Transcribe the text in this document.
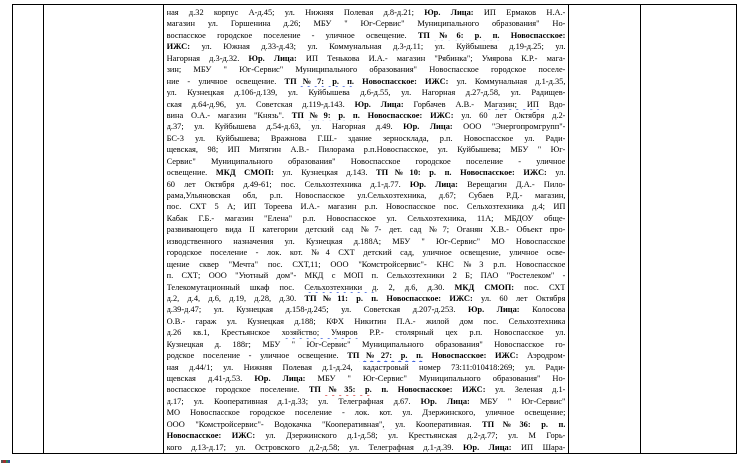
ная д.32 корпус А-д.45; ул. Нижняя Полевая д.8-д.21; Юр. Лица: ИП Ермаков Н.А.-
магазин ул. Горшенина д.26; МБУ " Юг-Сервис" Муниципального образования" Но-
воспасское городское поселение - уличное освещение. ТП№6: р. п. Новоспасское:
ИЖС: ул. Южная д.33-д.43; ул. Коммунальная д.3-д.11; ул. Куйбышева д.19-д.25; ул.
Нагорная д.3-д.32. Юр. Лица: ИП Тенькова И.А.- магазин "Рябинка"; Умярова К.Р.- мага-
зин; МБУ " Юг-Сервис" Муниципального образования" Новоспасское городское поселе-
ние - уличное освещение. ТП№7: р. п. Новоспасское: ИЖС: ул. Коммунальная д.1-д.35,
ул. Кузнецкая д.106-д.139, ул. Куйбышева д.6-д.55, ул. Нагорная д.27-д.58, ул. Радищев-
ская д.64-д.96, ул. Советская д.119-д.143. Юр. Лица: Горбачев А.В.- Магазин; ИП Вдо-
вина О.А.- магазин "Князь". ТП№9: р. п. Новоспасское: ИЖС: ул. 60 лет Октября д.2-
д.37; ул. Куйбышева д.54-д.63, ул. Нагорная д.49. Юр. Лица: ООО "Энергопромгрупп"-
БС-3 ул. Куйбышева; Вражнова Г.Ш.- здание зерносклада, р.п. Новоспасское ул. Ради-
щевская, 98; ИП Митягин А.В.- Пилорама р.п.Новоспасское, ул. Куйбышева; МБУ " Юг-
Сервис" Муниципального образования" Новоспасское городское поселение - уличное
освещение. МКД СМОП: ул. Кузнецкая д.143. ТП№10: р. п. Новоспасское: ИЖС: ул.
60 лет Октября д.49-61; пос. Сельхозтехника д.1-д.77. Юр. Лица: Верещагин Д.А.- Пило-
рама,Ульяновская обл, р.п. Новоспасское ул.Сельхозтехника, д.67; Субаев Р.Д.- магазин,
пос. СХТ 5 А; ИП Тореева И.А.- магазин р.п. Новоспасское пос. Сельхозтехника д.4; ИП
Кабак Г.Б.- магазин "Елена" р.п. Новоспасское ул. Сельхозтехника, 11А; МБДОУ обще-
развивающего вида II категории детский сад №7- дет. сад №7; Оганян Х.В.- Объект про-
изводственного назначения ул. Кузнецкая д.188А; МБУ " Юг-Сервис" МО Новоспасское
городское поселение - лок. кот. №4 СХТ детский сад, уличное освещение, уличное осве-
щение сквер "Мечта" пос. СХТ,11; ООО "Комстройсервис"- КНС №3 р.п. Новоспасское
п. СХТ; ООО "Уютный дом"- МКД с МОП п. Сельхозтехники 2 Б; ПАО "Ростелеком" -
Телекомутационный шкаф пос. Сельхозтехники д. 2, д.6, д.30. МКД СМОП: пос. СХТ
д.2, д.4, д.6, д.19, д.28, д.30. ТП№11: р. п. Новоспасское: ИЖС: ул. 60 лет Октября
д.39-д.47; ул. Кузнецкая д.158-д.245; ул. Советская д.207-д.253. Юр. Лица: Колосова
О.В.- гараж ул. Кузнецкая д.188; КФХ Никитин П.А.- жилой дом пос. Сельхозтехника
д.26 кв.1, Крестьянское хозяйство; Умяров Р.Р.- столярный цех р.п. Новоспасское ул.
Кузнецкая д. 188г; МБУ " Юг-Сервис" Муниципального образования" Новоспасское го-
родское поселение - уличное освещение. ТП№27: р. п. Новоспасское: ИЖС: Аэродром-
ная д.44/1; ул. Нижняя Полевая д.1-д.24, кадастровый номер 73:11:010418:269; ул. Ради-
щевская д.41-д.53. Юр. Лица: МБУ " Юг-Сервис" Муниципального образования" Но-
воспасское городское поселение. ТП№35: р. п. Новоспасское: ИЖС: ул. Зеленая д.1-
д.17; ул. Кооперативная д.1-д.33; ул. Телеграфная д.67. Юр. Лица: МБУ " Юг-Сервис"
МО Новоспасское городское поселение - лок. кот. ул. Дзержинского, уличное освещение;
ООО "Комстройсервис"- Водокачка "Кооперативная", ул. Кооперативная. ТП№36: р. п.
Новоспасское: ИЖС: ул. Дзержинского д.1-д.58; ул. Крестьянская д.2-д.77; ул. М Горь-
кого д.13-д.17; ул. Островского д.2-д.58; ул. Телеграфная д.1-д.39. Юр. Лица: ИП Шара-
